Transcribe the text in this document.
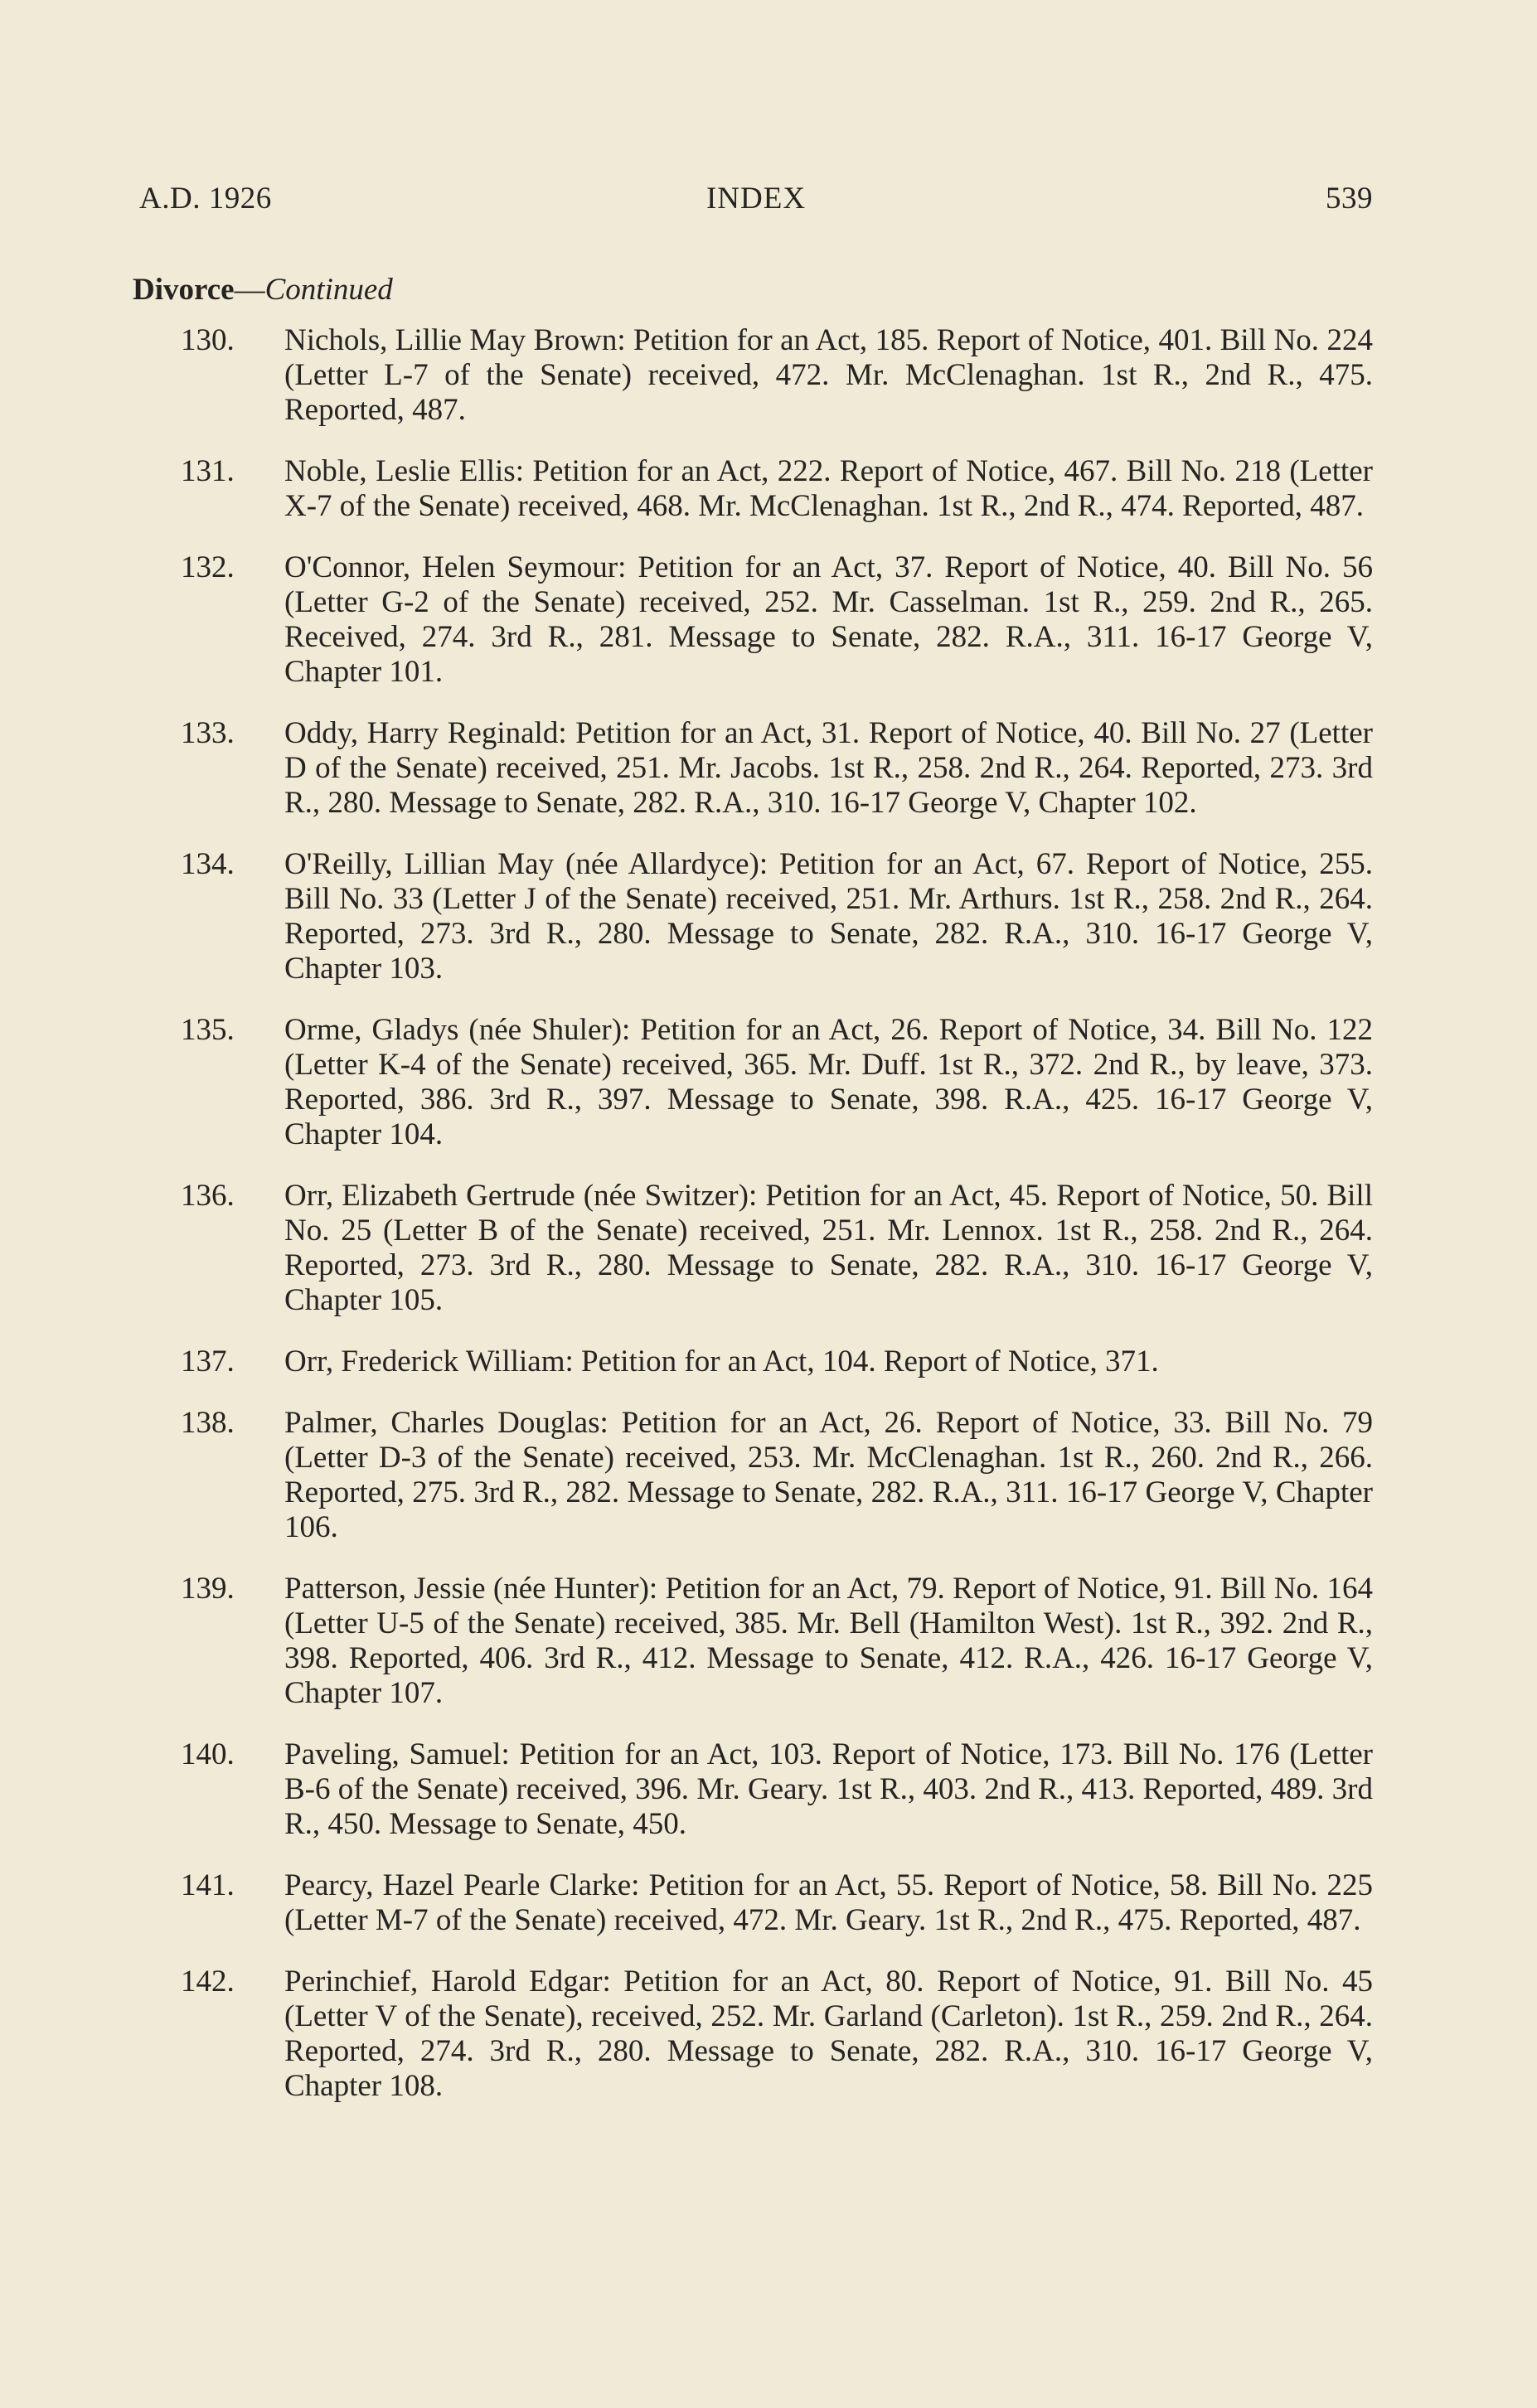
A.D. 1926	INDEX	539
Divorce—Continued
130.	Nichols, Lillie May Brown: Petition for an Act, 185. Report of Notice, 401. Bill No. 224 (Letter L-7 of the Senate) received, 472. Mr. McClenaghan. 1st R., 2nd R., 475. Reported, 487.
131.	Noble, Leslie Ellis: Petition for an Act, 222. Report of Notice, 467. Bill No. 218 (Letter X-7 of the Senate) received, 468. Mr. McClenaghan. 1st R., 2nd R., 474. Reported, 487.
132.	O'Connor, Helen Seymour: Petition for an Act, 37. Report of Notice, 40. Bill No. 56 (Letter G-2 of the Senate) received, 252. Mr. Casselman. 1st R., 259. 2nd R., 265. Received, 274. 3rd R., 281. Message to Senate, 282. R.A., 311. 16-17 George V, Chapter 101.
133.	Oddy, Harry Reginald: Petition for an Act, 31. Report of Notice, 40. Bill No. 27 (Letter D of the Senate) received, 251. Mr. Jacobs. 1st R., 258. 2nd R., 264. Reported, 273. 3rd R., 280. Message to Senate, 282. R.A., 310. 16-17 George V, Chapter 102.
134.	O'Reilly, Lillian May (née Allardyce): Petition for an Act, 67. Report of Notice, 255. Bill No. 33 (Letter J of the Senate) received, 251. Mr. Arthurs. 1st R., 258. 2nd R., 264. Reported, 273. 3rd R., 280. Message to Senate, 282. R.A., 310. 16-17 George V, Chapter 103.
135.	Orme, Gladys (née Shuler): Petition for an Act, 26. Report of Notice, 34. Bill No. 122 (Letter K-4 of the Senate) received, 365. Mr. Duff. 1st R., 372. 2nd R., by leave, 373. Reported, 386. 3rd R., 397. Message to Senate, 398. R.A., 425. 16-17 George V, Chapter 104.
136.	Orr, Elizabeth Gertrude (née Switzer): Petition for an Act, 45. Report of Notice, 50. Bill No. 25 (Letter B of the Senate) received, 251. Mr. Lennox. 1st R., 258. 2nd R., 264. Reported, 273. 3rd R., 280. Message to Senate, 282. R.A., 310. 16-17 George V, Chapter 105.
137.	Orr, Frederick William: Petition for an Act, 104. Report of Notice, 371.
138.	Palmer, Charles Douglas: Petition for an Act, 26. Report of Notice, 33. Bill No. 79 (Letter D-3 of the Senate) received, 253. Mr. McClenaghan. 1st R., 260. 2nd R., 266. Reported, 275. 3rd R., 282. Message to Senate, 282. R.A., 311. 16-17 George V, Chapter 106.
139.	Patterson, Jessie (née Hunter): Petition for an Act, 79. Report of Notice, 91. Bill No. 164 (Letter U-5 of the Senate) received, 385. Mr. Bell (Hamilton West). 1st R., 392. 2nd R., 398. Reported, 406. 3rd R., 412. Message to Senate, 412. R.A., 426. 16-17 George V, Chapter 107.
140.	Paveling, Samuel: Petition for an Act, 103. Report of Notice, 173. Bill No. 176 (Letter B-6 of the Senate) received, 396. Mr. Geary. 1st R., 403. 2nd R., 413. Reported, 489. 3rd R., 450. Message to Senate, 450.
141.	Pearcy, Hazel Pearle Clarke: Petition for an Act, 55. Report of Notice, 58. Bill No. 225 (Letter M-7 of the Senate) received, 472. Mr. Geary. 1st R., 2nd R., 475. Reported, 487.
142.	Perinchief, Harold Edgar: Petition for an Act, 80. Report of Notice, 91. Bill No. 45 (Letter V of the Senate), received, 252. Mr. Garland (Carleton). 1st R., 259. 2nd R., 264. Reported, 274. 3rd R., 280. Message to Senate, 282. R.A., 310. 16-17 George V, Chapter 108.
